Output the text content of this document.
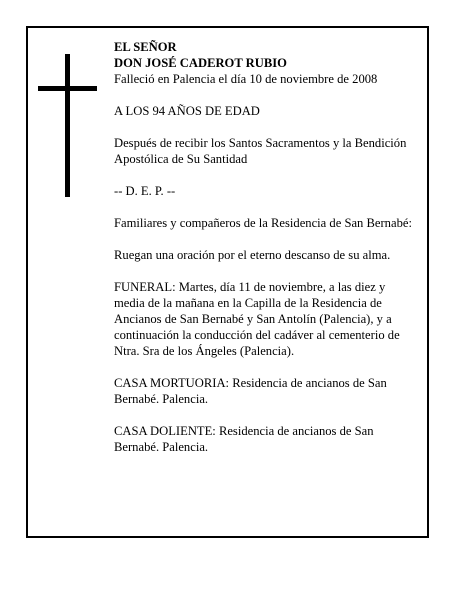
EL SEÑOR

DON JOSÉ CADEROT RUBIO

Falleció en Palencia el día 10 de noviembre de 2008

A LOS 94 AÑOS DE EDAD

Después de recibir los Santos Sacramentos y la Bendición Apostólica de Su Santidad

-- D. E. P. --

Familiares y compañeros de la Residencia de San Bernabé:

Ruegan una oración por el eterno descanso de su alma.

FUNERAL: Martes, día 11 de noviembre, a las diez y media de la mañana en la Capilla de la Residencia de Ancianos de San Bernabé y San Antolín (Palencia), y a continuación la conducción del cadáver al cementerio de Ntra. Sra de los Ángeles (Palencia).

CASA MORTUORIA: Residencia de ancianos de San Bernabé. Palencia.

CASA DOLIENTE: Residencia de ancianos de San Bernabé. Palencia.
